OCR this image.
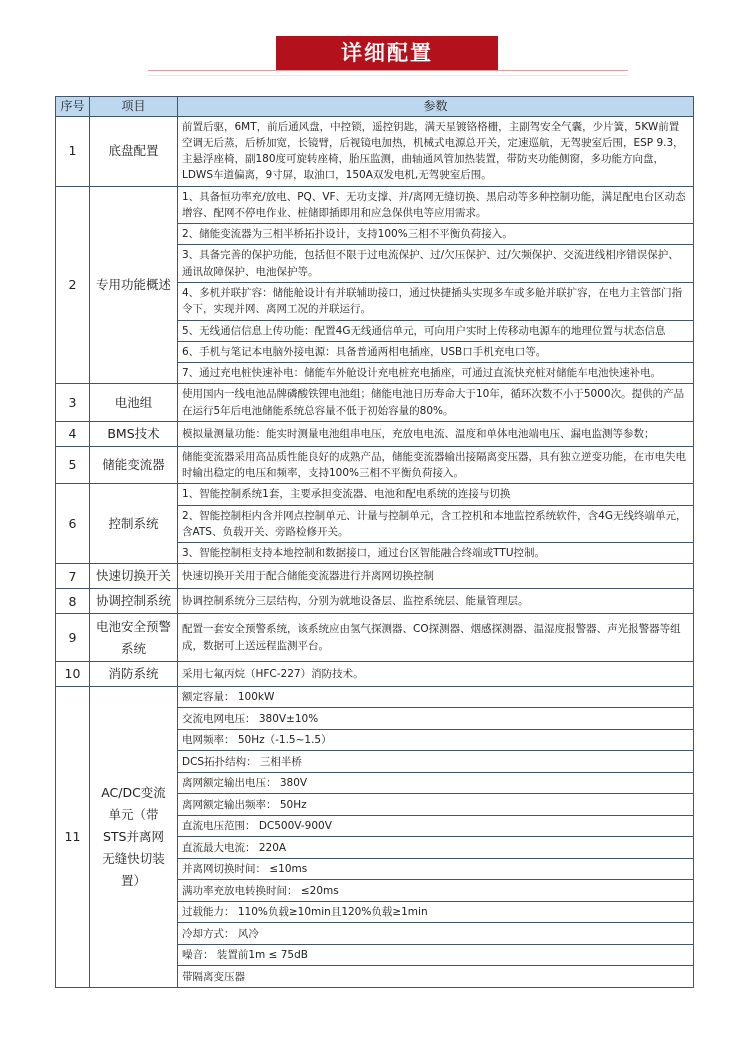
详细配置
序号	项目	参数
1	底盘配置	前置后驱，6MT，前后通风盘，中控锁，遥控钥匙，满天星镀铬格栅，主副驾安全气囊，少片簧，5KW前置空调无后蒸，后桥加宽，长镜臂，后视镜电加热，机械式电源总开关，定速巡航，无驾驶室后围，ESP 9.3，主悬浮座椅，副180度可旋转座椅，胎压监测，曲轴通风管加热装置，带防夹功能侧窗，多功能方向盘，LDWS车道偏离，9寸屏，取油口，150A双发电机,无驾驶室后围。
2	专用功能概述	1、具备恒功率充/放电、PQ、VF、无功支撑、并/离网无缝切换、黑启动等多种控制功能，满足配电台区动态增容、配网不停电作业、桩储即插即用和应急保供电等应用需求。
		2、储能变流器为三相半桥拓扑设计，支持100%三相不平衡负荷接入。
		3、具备完善的保护功能，包括但不限于过电流保护、过/欠压保护、过/欠频保护、交流进线相序错误保护、通讯故障保护、电池保护等。
		4、多机并联扩容：储能舱设计有并联辅助接口，通过快捷插头实现多车或多舱并联扩容，在电力主管部门指令下，实现并网、离网工况的并联运行。
		5、无线通信信息上传功能：配置4G无线通信单元，可向用户实时上传移动电源车的地理位置与状态信息
		6、手机与笔记本电脑外接电源：具备普通两相电插座，USB口手机充电口等。
		7、通过充电桩快速补电：储能车外舱设计充电桩充电插座，可通过直流快充桩对储能车电池快速补电。
3	电池组	使用国内一线电池品牌磷酸铁锂电池组；储能电池日历寿命大于10年，循环次数不小于5000次。提供的产品在运行5年后电池储能系统总容量不低于初始容量的80%。
4	BMS技术	模拟量测量功能：能实时测量电池组串电压，充放电电流、温度和单体电池端电压、漏电监测等参数；
5	储能变流器	储能变流器采用高品质性能良好的成熟产品，储能变流器输出接隔离变压器，具有独立逆变功能，在市电失电时输出稳定的电压和频率，支持100%三相不平衡负荷接入。
6	控制系统	1、智能控制系统1套，主要承担变流器、电池和配电系统的连接与切换
		2、智能控制柜内含并网点控制单元、计量与控制单元，含工控机和本地监控系统软件，含4G无线终端单元，含ATS、负载开关、旁路检修开关。
		3、智能控制柜支持本地控制和数据接口，通过台区智能融合终端或TTU控制。
7	快速切换开关	快速切换开关用于配合储能变流器进行并离网切换控制
8	协调控制系统	协调控制系统分三层结构，分别为就地设备层、监控系统层、能量管理层。
9	电池安全预警系统	配置一套安全预警系统，该系统应由氢气探测器、CO探测器、烟感探测器、温湿度报警器、声光报警器等组成，数据可上送远程监测平台。
10	消防系统	采用七氟丙烷（HFC-227）消防技术。
11	AC/DC变流单元（带STS并离网无缝快切装置）	额定容量： 100kW
		交流电网电压： 380V±10%
		电网频率： 50Hz（-1.5~1.5）
		DCS拓扑结构： 三相半桥
		离网额定输出电压： 380V
		离网额定输出频率： 50Hz
		直流电压范围： DC500V-900V
		直流最大电流： 220A
		并离网切换时间： ≤10ms
		满功率充放电转换时间： ≤20ms
		过载能力： 110%负载≥10min且120%负载≥1min
		冷却方式： 风冷
		噪音： 装置前1m ≤ 75dB
		带隔离变压器
